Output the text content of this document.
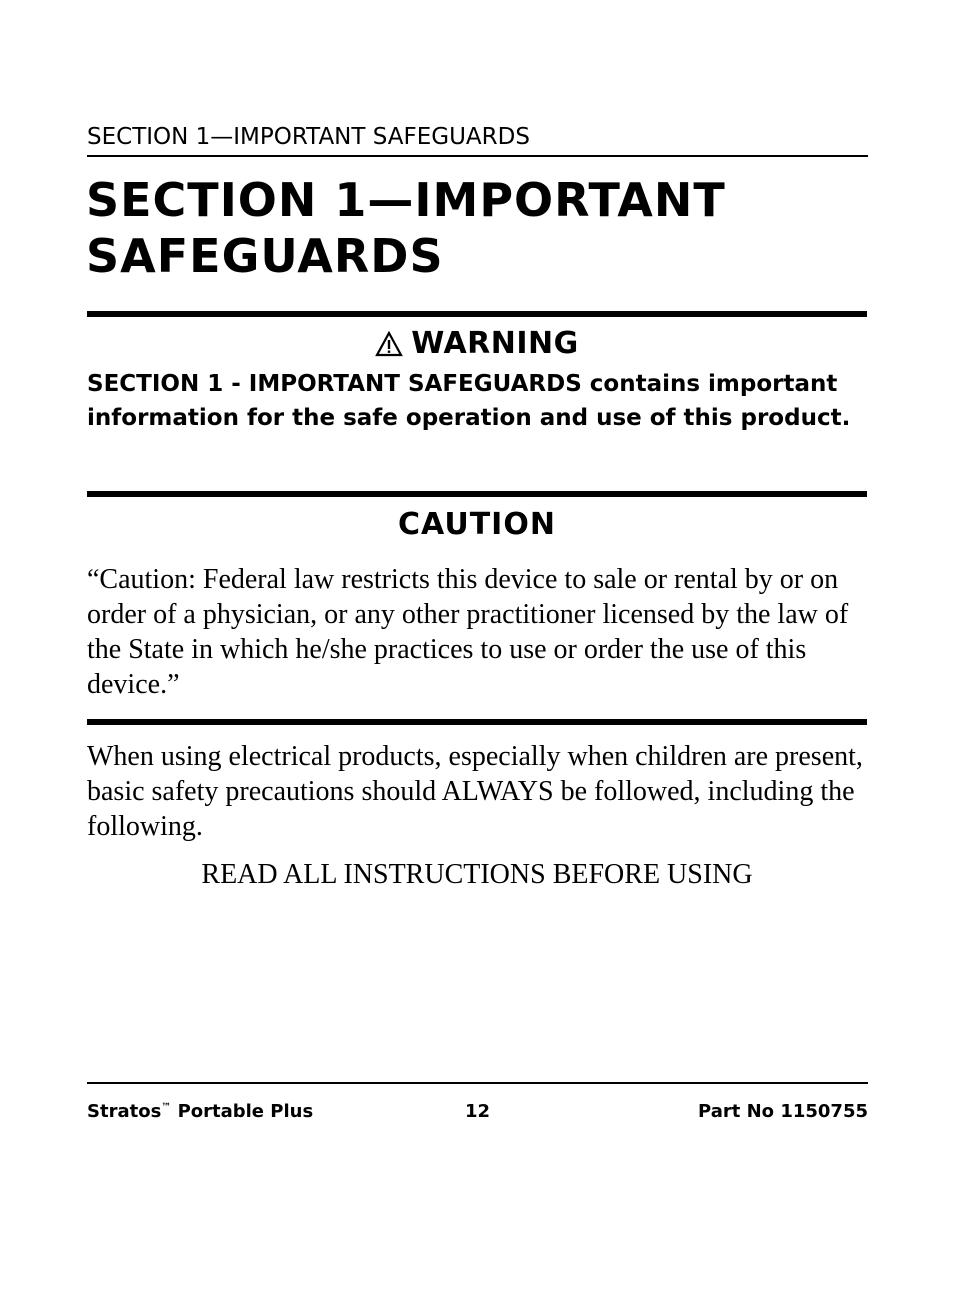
SECTION 1—IMPORTANT SAFEGUARDS
SECTION 1—IMPORTANT SAFEGUARDS
WARNING
SECTION 1 - IMPORTANT SAFEGUARDS contains important information for the safe operation and use of this product.
CAUTION
“Caution: Federal law restricts this device to sale or rental by or on order of a physician, or any other practitioner licensed by the law of the State in which he/she practices to use or order the use of this device.”
When using electrical products, especially when children are present, basic safety precautions should ALWAYS be followed, including the following.
READ ALL INSTRUCTIONS BEFORE USING
Stratos™ Portable Plus	12	Part No 1150755
